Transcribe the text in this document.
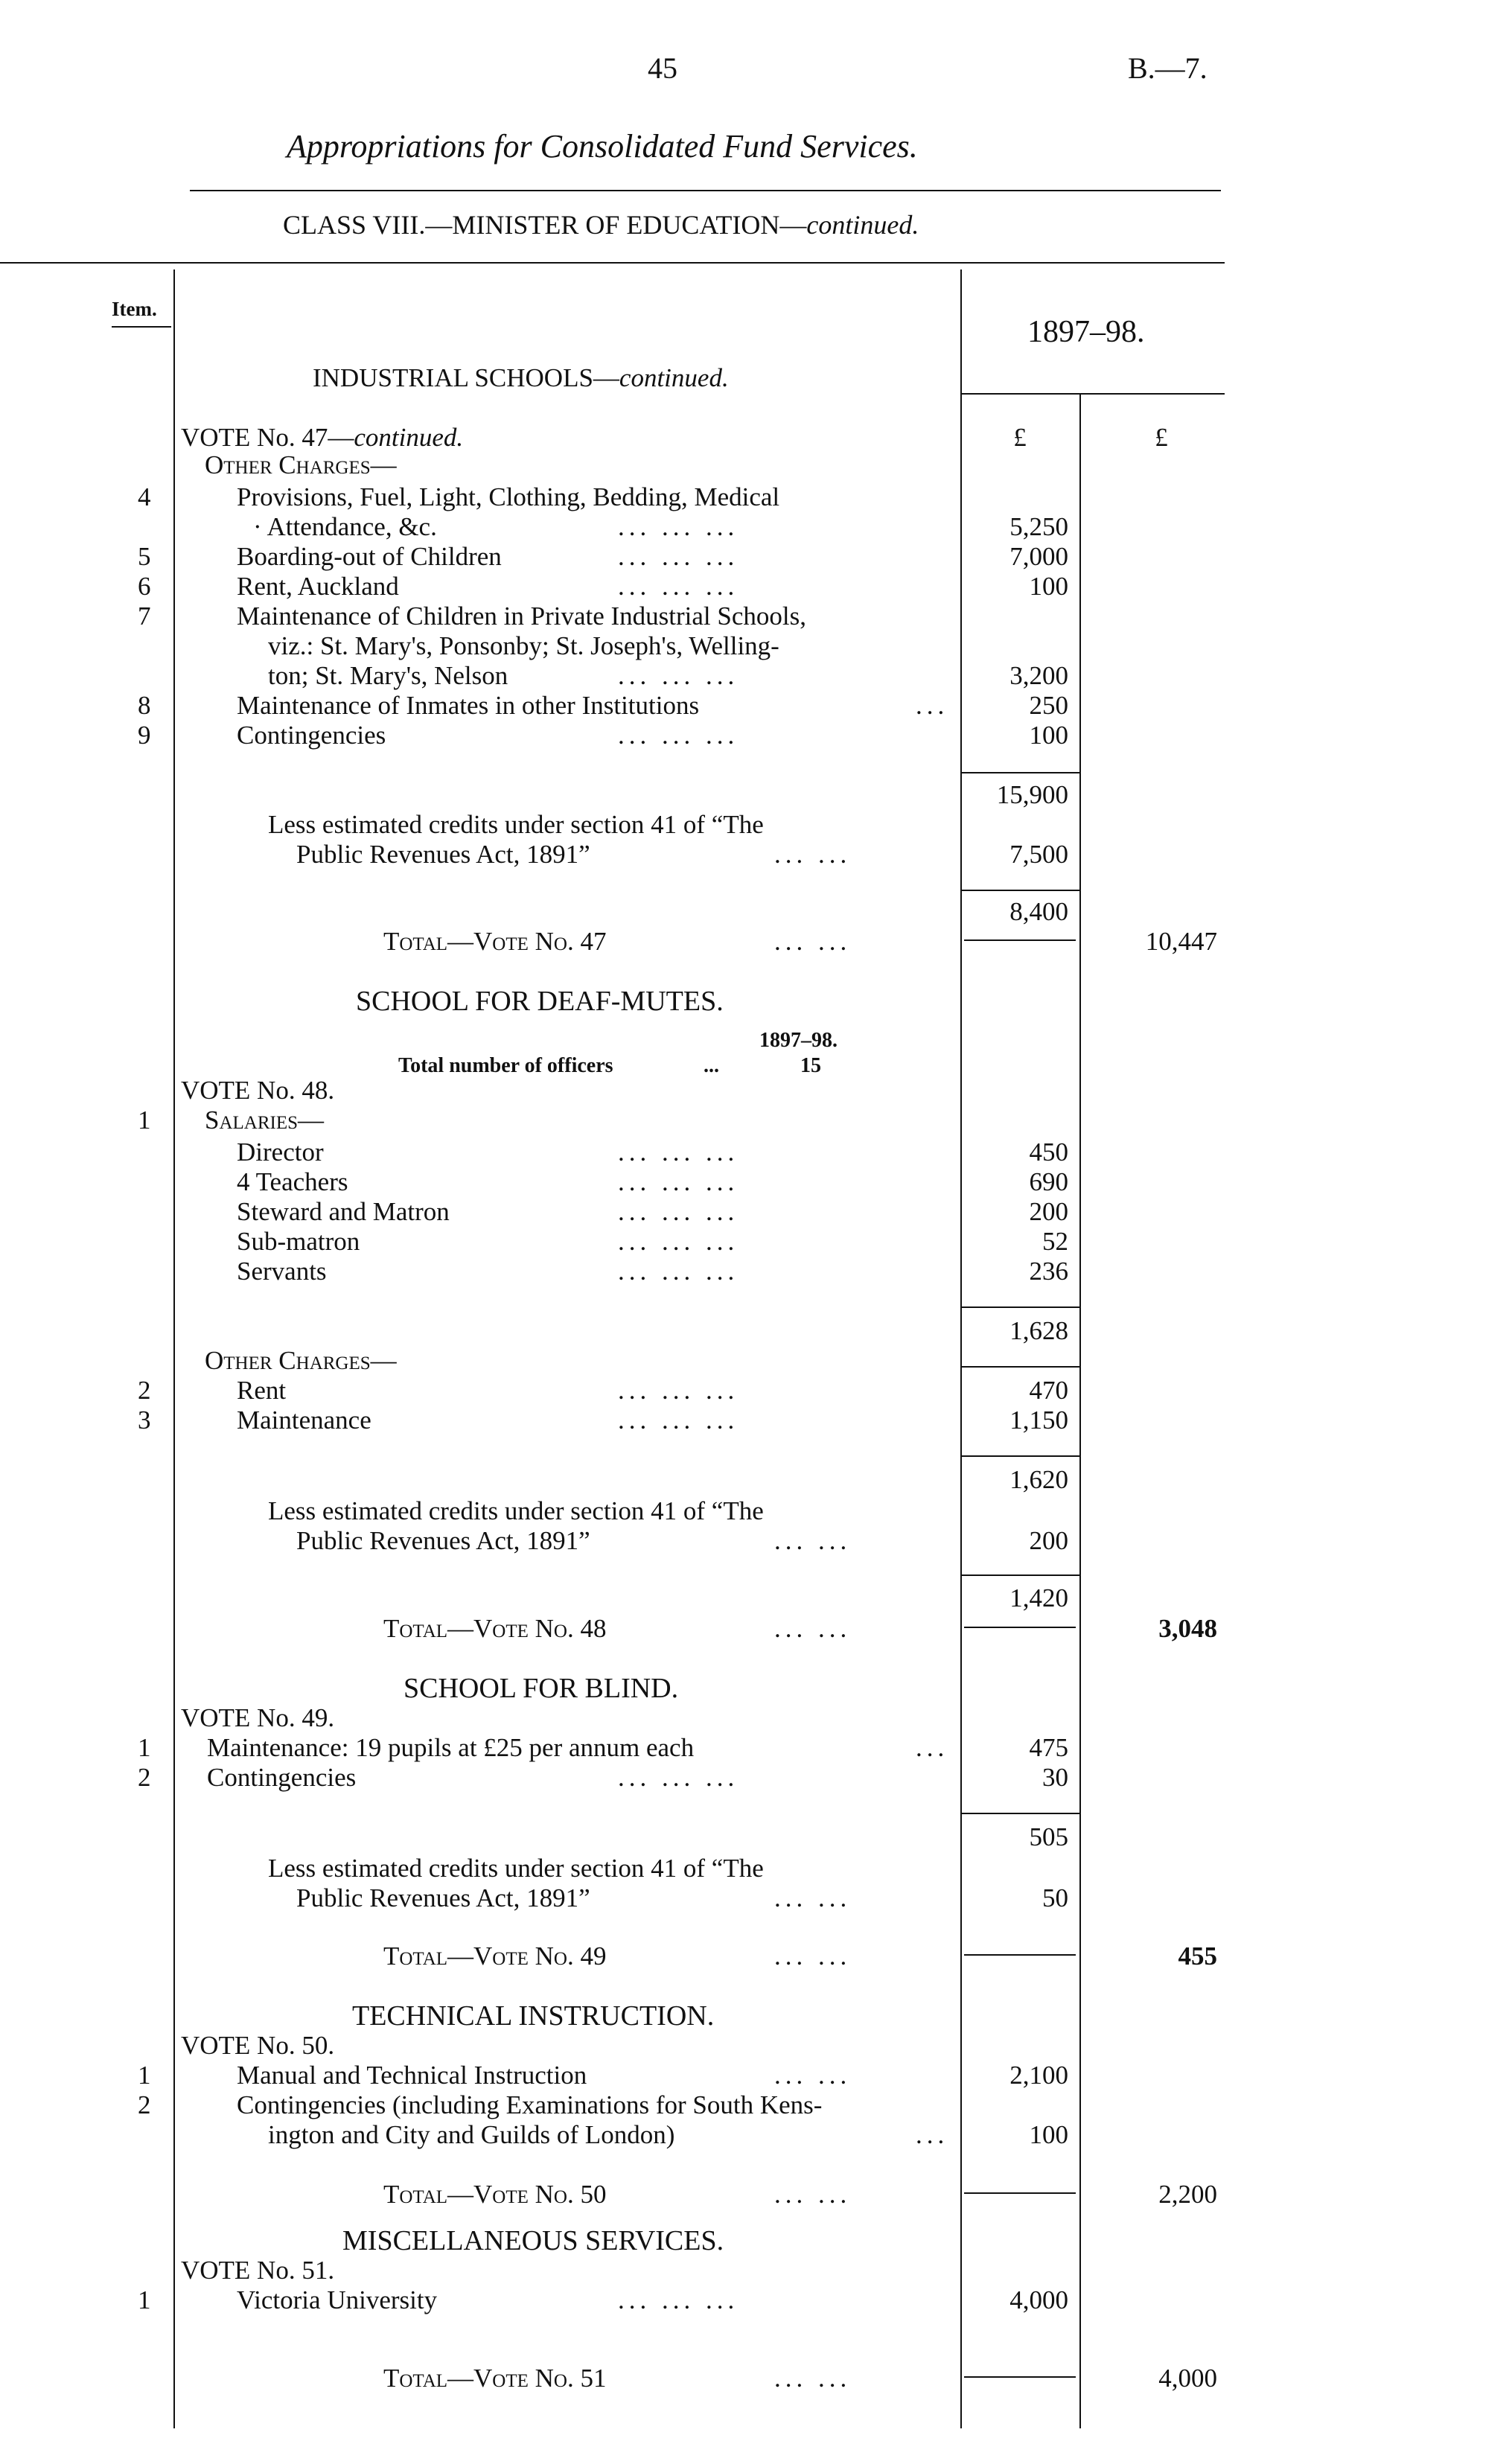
45	B.—7.
Appropriations for Consolidated Fund Services.
CLASS VIII.—MINISTER OF EDUCATION—continued.
Item.
1897–98.
£	£
INDUSTRIAL SCHOOLS—continued.
VOTE No. 47—continued.
Other Charges—
4	Provisions, Fuel, Light, Clothing, Bedding, Medical
· Attendance, &c.	... ... ...	5,250
5	Boarding-out of Children	... ... ...	7,000
6	Rent, Auckland	... ... ...	100
7	Maintenance of Children in Private Industrial Schools,
viz.: St. Mary's, Ponsonby; St. Joseph's, Welling-
ton; St. Mary's, Nelson	... ... ...	3,200
8	Maintenance of Inmates in other Institutions	...	250
9	Contingencies	... ... ...	100
15,900
Less estimated credits under section 41 of “The
Public Revenues Act, 1891”	... ...	7,500
8,400
Total—Vote No. 47	... ...	10,447
SCHOOL FOR DEAF-MUTES.
1897–98.
Total number of officers	...	15
VOTE No. 48.
1 Salaries—
Director	... ... ...	450
4 Teachers	... ... ...	690
Steward and Matron	... ... ...	200
Sub-matron	... ... ...	52
Servants	... ... ...	236
1,628
Other Charges—
2	Rent	... ... ...	470
3	Maintenance	... ... ...	1,150
1,620
Less estimated credits under section 41 of “The
Public Revenues Act, 1891”	... ...	200
1,420
Total—Vote No. 48	... ...	3,048
SCHOOL FOR BLIND.
VOTE No. 49.
1 Maintenance: 19 pupils at £25 per annum each	...	475
2 Contingencies	... ... ...	30
505
Less estimated credits under section 41 of “The
Public Revenues Act, 1891”	... ...	50
Total—Vote No. 49	... ...	455
TECHNICAL INSTRUCTION.
VOTE No. 50.
1	Manual and Technical Instruction	... ...	2,100
2	Contingencies (including Examinations for South Kens-
ington and City and Guilds of London)	...	100
Total—Vote No. 50	... ...	2,200
MISCELLANEOUS SERVICES.
VOTE No. 51.
1	Victoria University	... ... ...	4,000
Total—Vote No. 51	... ...	4,000
